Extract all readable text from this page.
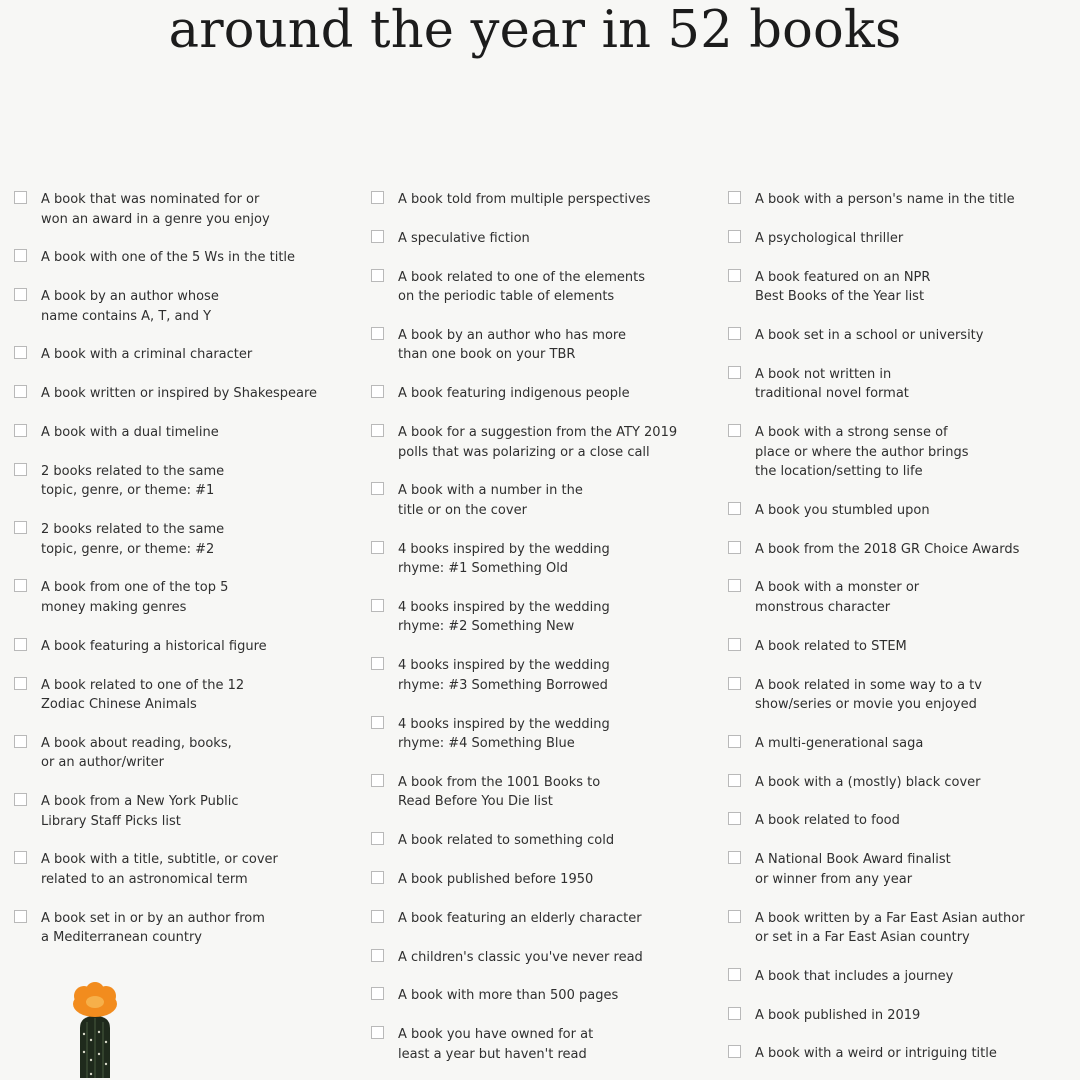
around the year in 52 books
A book that was nominated for or
won an award in a genre you enjoy
A book with one of the 5 Ws in the title
A book by an author whose
name contains A, T, and Y
A book with a criminal character
A book written or inspired by Shakespeare
A book with a dual timeline
2 books related to the same
topic, genre, or theme: #1
2 books related to the same
topic, genre, or theme: #2
A book from one of the top 5
money making genres
A book featuring a historical figure
A book related to one of the 12
Zodiac Chinese Animals
A book about reading, books,
or an author/writer
A book from a New York Public
Library Staff Picks list
A book with a title, subtitle, or cover
related to an astronomical term
A book set in or by an author from
a Mediterranean country
A book told from multiple perspectives
A speculative fiction
A book related to one of the elements
on the periodic table of elements
A book by an author who has more
than one book on your TBR
A book featuring indigenous people
A book for a suggestion from the ATY 2019
polls that was polarizing or a close call
A book with a number in the
title or on the cover
4 books inspired by the wedding
rhyme: #1 Something Old
4 books inspired by the wedding
rhyme: #2 Something New
4 books inspired by the wedding
rhyme: #3 Something Borrowed
4 books inspired by the wedding
rhyme: #4 Something Blue
A book from the 1001 Books to
Read Before You Die list
A book related to something cold
A book published before 1950
A book featuring an elderly character
A children's classic you've never read
A book with more than 500 pages
A book you have owned for at
least a year but haven't read
A book with a person's name in the title
A psychological thriller
A book featured on an NPR
Best Books of the Year list
A book set in a school or university
A book not written in
traditional novel format
A book with a strong sense of
place or where the author brings
the location/setting to life
A book you stumbled upon
A book from the 2018 GR Choice Awards
A book with a monster or
monstrous character
A book related to STEM
A book related in some way to a tv
show/series or movie you enjoyed
A multi-generational saga
A book with a (mostly) black cover
A book related to food
A National Book Award finalist
or winner from any year
A book written by a Far East Asian author
or set in a Far East Asian country
A book that includes a journey
A book published in 2019
A book with a weird or intriguing title
